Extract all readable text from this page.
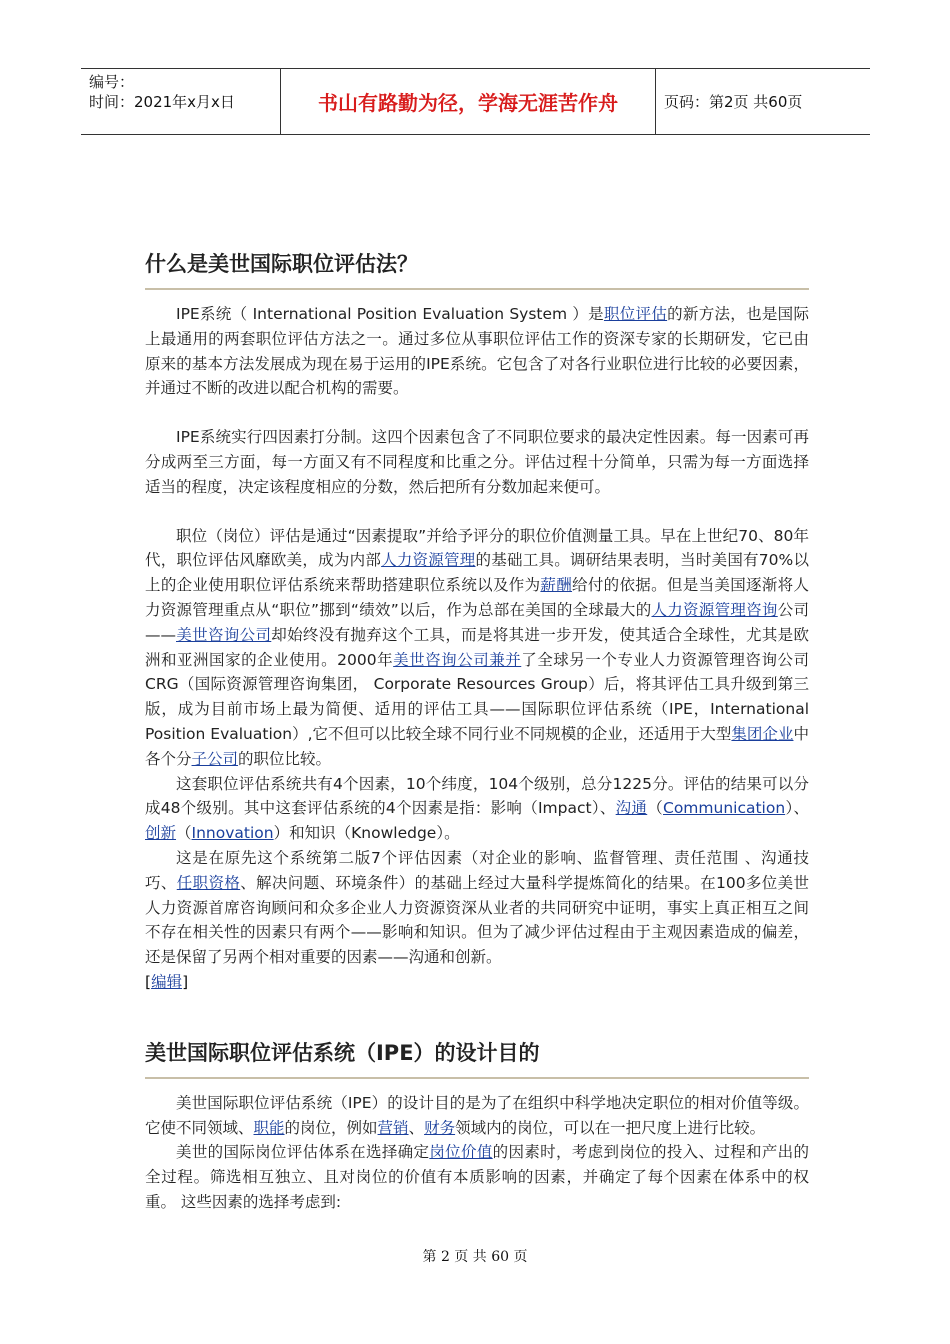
编号：
时间：2021年x月x日	书山有路勤为径，学海无涯苦作舟	页码：第2页 共60页
什么是美世国际职位评估法？

IPE系统（ International Position Evaluation System ）是职位评估的新方法，也是国际上最通用的两套职位评估方法之一。通过多位从事职位评估工作的资深专家的长期研发，它已由原来的基本方法发展成为现在易于运用的IPE系统。它包含了对各行业职位进行比较的必要因素，并通过不断的改进以配合机构的需要。

IPE系统实行四因素打分制。这四个因素包含了不同职位要求的最决定性因素。每一因素可再分成两至三方面，每一方面又有不同程度和比重之分。评估过程十分简单，只需为每一方面选择适当的程度，决定该程度相应的分数，然后把所有分数加起来便可。

职位（岗位）评估是通过“因素提取”并给予评分的职位价值测量工具。早在上世纪70、80年代，职位评估风靡欧美，成为内部人力资源管理的基础工具。调研结果表明，当时美国有70%以上的企业使用职位评估系统来帮助搭建职位系统以及作为薪酬给付的依据。但是当美国逐渐将人力资源管理重点从“职位”挪到“绩效”以后，作为总部在美国的全球最大的人力资源管理咨询公司——美世咨询公司却始终没有抛弃这个工具，而是将其进一步开发，使其适合全球性，尤其是欧洲和亚洲国家的企业使用。2000年美世咨询公司兼并了全球另一个专业人力资源管理咨询公司CRG（国际资源管理咨询集团， Corporate Resources Group）后，将其评估工具升级到第三版，成为目前市场上最为简便、适用的评估工具——国际职位评估系统（IPE，International Position Evaluation）,它不但可以比较全球不同行业不同规模的企业，还适用于大型集团企业中各个分子公司的职位比较。

这套职位评估系统共有4个因素，10个纬度，104个级别，总分1225分。评估的结果可以分成48个级别。其中这套评估系统的4个因素是指：影响（Impact）、沟通（Communication）、创新（Innovation）和知识（Knowledge）。

这是在原先这个系统第二版7个评估因素（对企业的影响、监督管理、责任范围 、沟通技巧、任职资格、解决问题、环境条件）的基础上经过大量科学提炼简化的结果。在100多位美世人力资源首席咨询顾问和众多企业人力资源资深从业者的共同研究中证明，事实上真正相互之间不存在相关性的因素只有两个——影响和知识。但为了减少评估过程由于主观因素造成的偏差，还是保留了另两个相对重要的因素——沟通和创新。

[编辑]
美世国际职位评估系统（IPE）的设计目的

美世国际职位评估系统（IPE）的设计目的是为了在组织中科学地决定职位的相对价值等级。它使不同领域、职能的岗位，例如营销、财务领域内的岗位，可以在一把尺度上进行比较。

美世的国际岗位评估体系在选择确定岗位价值的因素时，考虑到岗位的投入、过程和产出的全过程。筛选相互独立、且对岗位的价值有本质影响的因素，并确定了每个因素在体系中的权重。 这些因素的选择考虑到:

第 2 页 共 60 页
